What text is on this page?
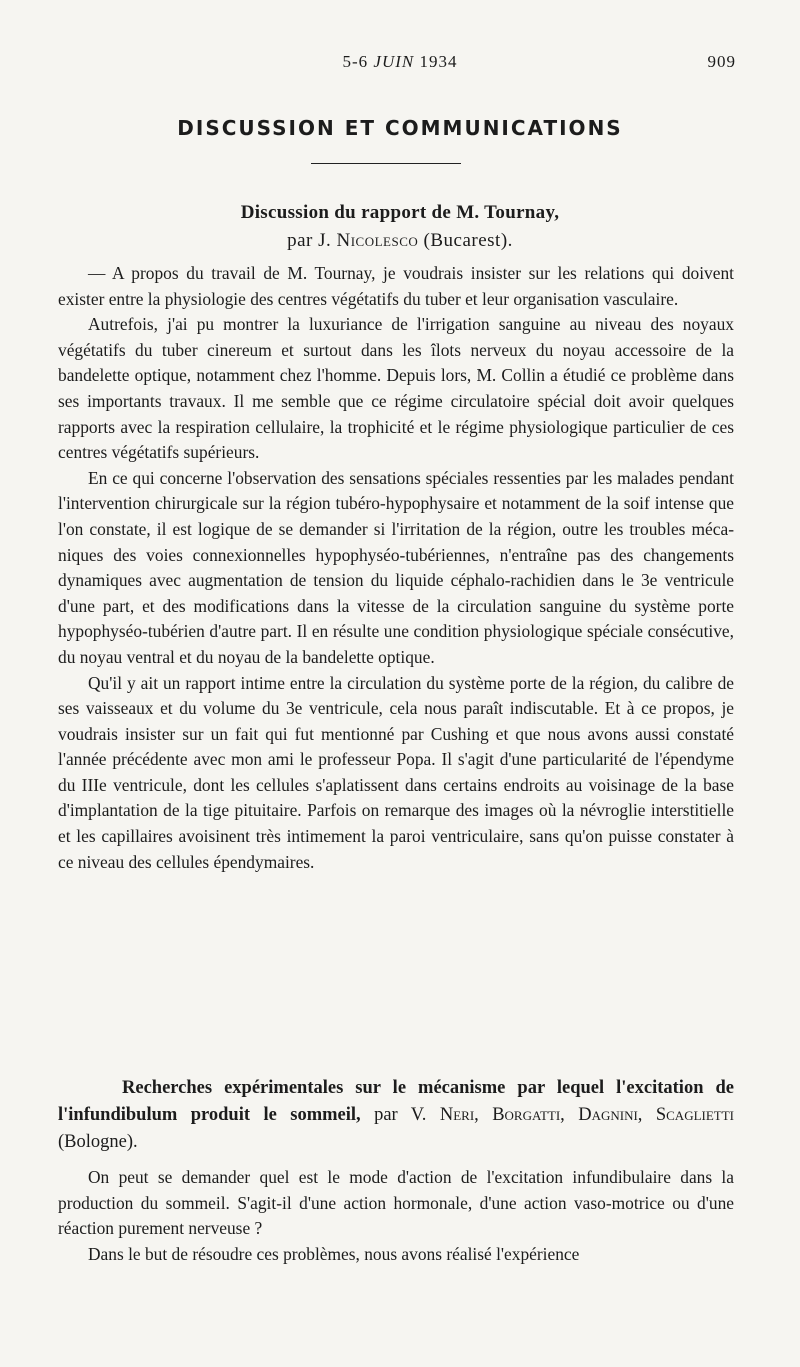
5-6 JUIN 1934	909
DISCUSSION ET COMMUNICATIONS
Discussion du rapport de M. Tournay,
par J. Nicolesco (Bucarest).

— A propos du travail de M. Tournay, je voudrais insister sur les relations qui doivent exister entre la physiologie des centres végétatifs du tuber et leur organisation vasculaire.

Autrefois, j'ai pu montrer la luxuriance de l'irrigation sanguine au niveau des noyaux végétatifs du tuber cinereum et surtout dans les îlots nerveux du noyau accessoire de la bandelette optique, notamment chez l'homme. Depuis lors, M. Collin a étudié ce problème dans ses importants travaux. Il me semble que ce régime circulatoire spécial doit avoir quelques rapports avec la respiration cellulaire, la trophicité et le régime physiologique particulier de ces centres végétatifs supérieurs.

En ce qui concerne l'observation des sensations spéciales ressenties par les malades pendant l'intervention chirurgicale sur la région tubéro-hypophysaire et notamment de la soif intense que l'on constate, il est logique de se demander si l'irritation de la région, outre les troubles mécaniques des voies connexionnelles hypophyséo-tubériennes, n'entraîne pas des changements dynamiques avec augmentation de tension du liquide céphalo-rachidien dans le 3e ventricule d'une part, et des modifications dans la vitesse de la circulation sanguine du système porte hypophyséo-tubérien d'autre part. Il en résulte une condition physiologique spéciale consécutive, du noyau ventral et du noyau de la bandelette optique.

Qu'il y ait un rapport intime entre la circulation du système porte de la région, du calibre de ses vaisseaux et du volume du 3e ventricule, cela nous paraît indiscutable. Et à ce propos, je voudrais insister sur un fait qui fut mentionné par Cushing et que nous avons aussi constaté l'année précédente avec mon ami le professeur Popa. Il s'agit d'une particularité de l'épendyme du IIIe ventricule, dont les cellules s'aplatissent dans certains endroits au voisinage de la base d'implantation de la tige pituitaire. Parfois on remarque des images où la névroglie interstitielle et les capillaires avoisinent très intimement la paroi ventriculaire, sans qu'on puisse constater à ce niveau des cellules épendymaires.

Recherches expérimentales sur le mécanisme par lequel l'excitation de l'infundibulum produit le sommeil, par V. Neri, Borgatti, Dagnini, Scaglietti (Bologne).

On peut se demander quel est le mode d'action de l'excitation infundibulaire dans la production du sommeil. S'agit-il d'une action hormonale, d'une action vaso-motrice ou d'une réaction purement nerveuse ?

Dans le but de résoudre ces problèmes, nous avons réalisé l'expérience
